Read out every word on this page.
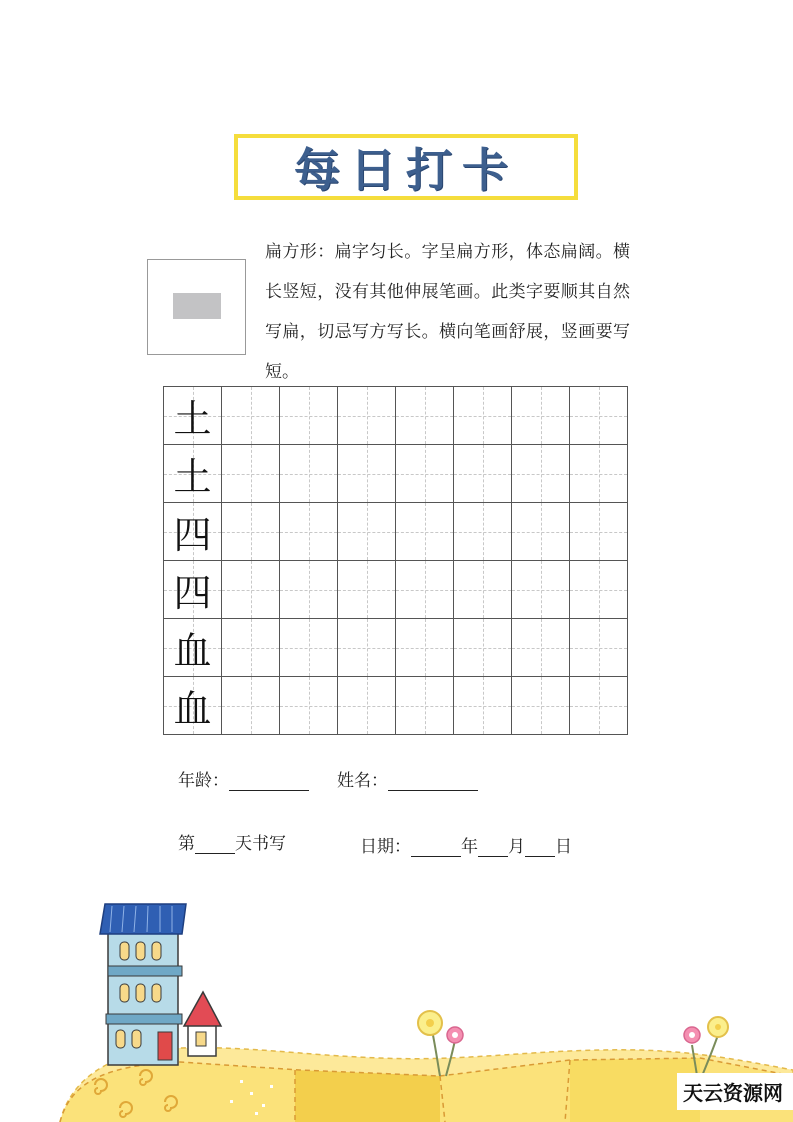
每日打卡
扁方形：扁字匀长。字呈扁方形，体态扁阔。横长竖短，没有其他伸展笔画。此类字要顺其自然写扁，切忌写方写长。横向笔画舒展，竖画要写短。
土							

土							

四							

四							

血							

血							

年龄：	姓名：
第 天书写	日期：	年 月 日
天云资源网
